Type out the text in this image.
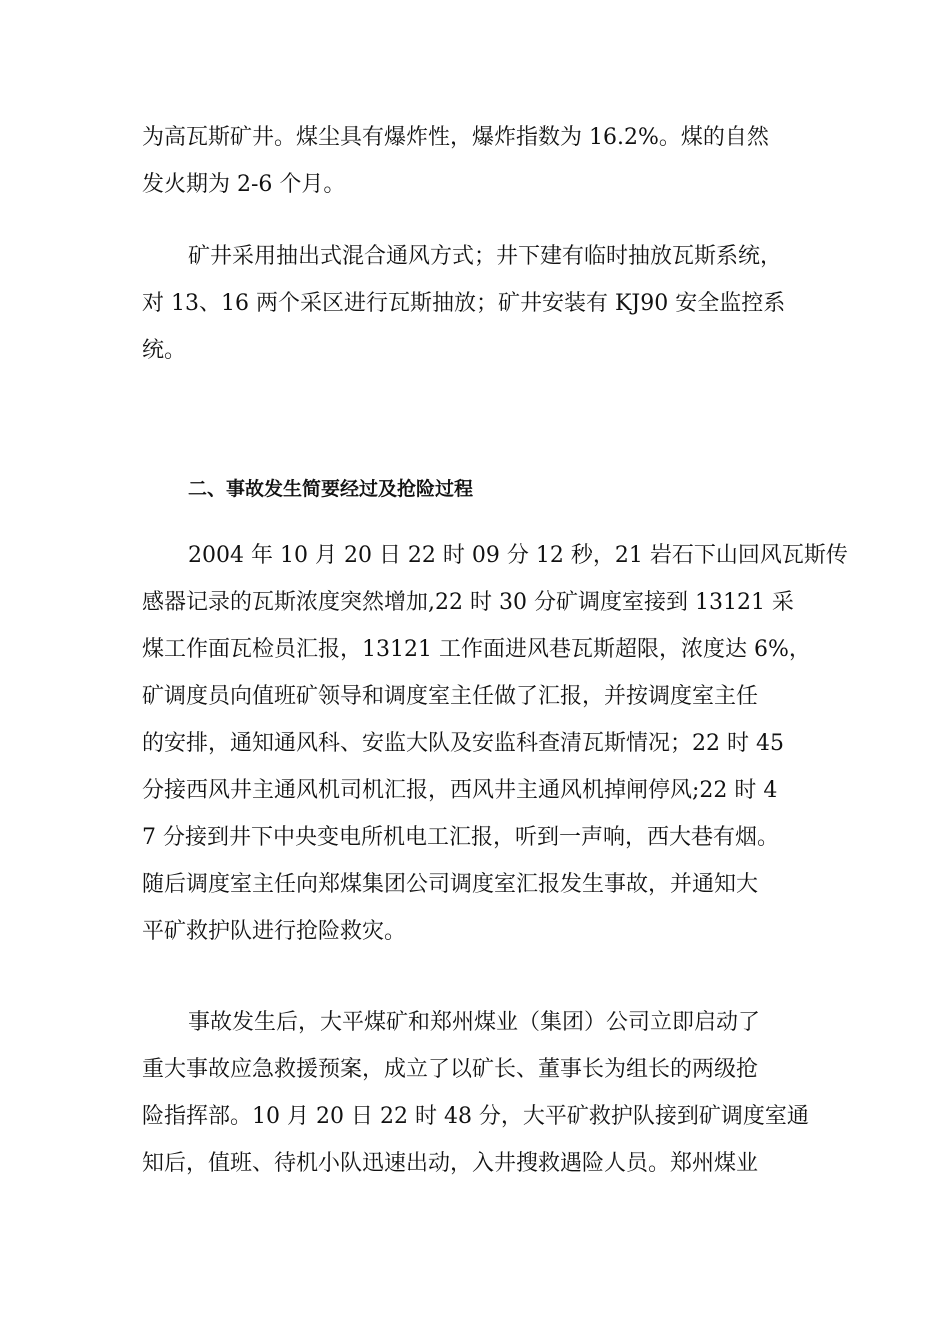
为高瓦斯矿井。煤尘具有爆炸性，爆炸指数为 16.2%。煤的自然
发火期为 2-6 个月。
矿井采用抽出式混合通风方式；井下建有临时抽放瓦斯系统，
对 13、16 两个采区进行瓦斯抽放；矿井安装有 KJ90 安全监控系
统。
二、事故发生简要经过及抢险过程
2004 年 10 月 20 日 22 时 09 分 12 秒，21 岩石下山回风瓦斯传
感器记录的瓦斯浓度突然增加,22 时 30 分矿调度室接到 13121 采
煤工作面瓦检员汇报，13121 工作面进风巷瓦斯超限，浓度达 6%，
矿调度员向值班矿领导和调度室主任做了汇报，并按调度室主任
的安排，通知通风科、安监大队及安监科查清瓦斯情况；22 时 45
分接西风井主通风机司机汇报，西风井主通风机掉闸停风;22 时 4
7 分接到井下中央变电所机电工汇报，听到一声响，西大巷有烟。
随后调度室主任向郑煤集团公司调度室汇报发生事故，并通知大
平矿救护队进行抢险救灾。
事故发生后，大平煤矿和郑州煤业（集团）公司立即启动了
重大事故应急救援预案，成立了以矿长、董事长为组长的两级抢
险指挥部。10 月 20 日 22 时 48 分，大平矿救护队接到矿调度室通
知后，值班、待机小队迅速出动，入井搜救遇险人员。郑州煤业
